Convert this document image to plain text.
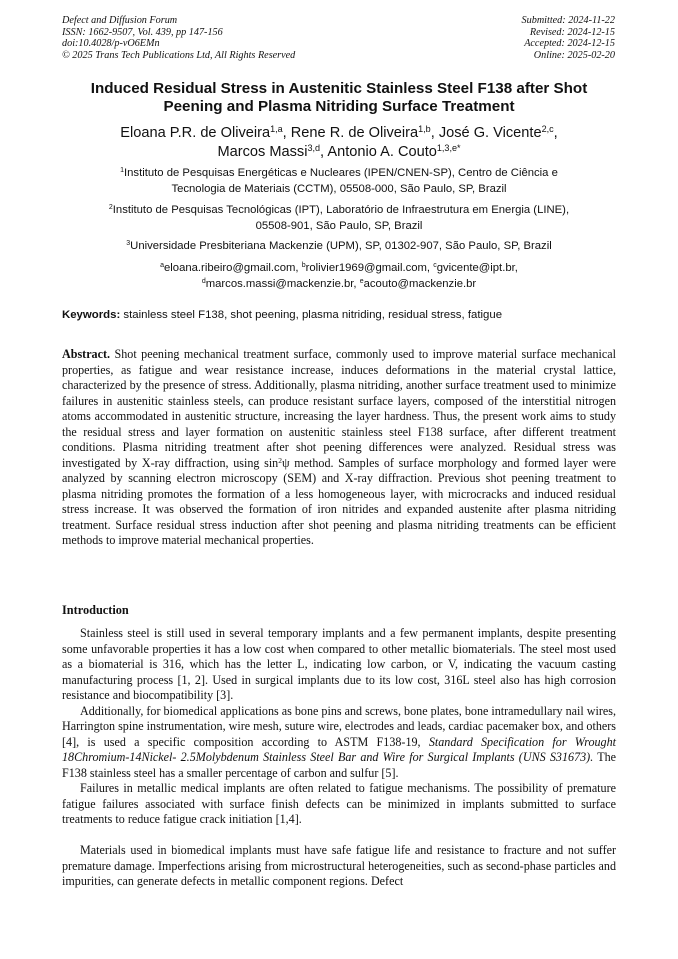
Defect and Diffusion Forum
ISSN: 1662-9507, Vol. 439, pp 147-156
doi:10.4028/p-vO6EMn
© 2025 Trans Tech Publications Ltd, All Rights Reserved
Submitted: 2024-11-22
Revised: 2024-12-15
Accepted: 2024-12-15
Online: 2025-02-20
Induced Residual Stress in Austenitic Stainless Steel F138 after Shot
Peening and Plasma Nitriding Surface Treatment
Eloana P.R. de Oliveira$^{1,a}$, Rene R. de Oliveira$^{1,b}$, José G. Vicente$^{2,c}$,
Marcos Massi$^{3,d}$, Antonio A. Couto$^{1,3,e*}$
$^1$Instituto de Pesquisas Energéticas e Nucleares (IPEN/CNEN-SP), Centro de Ciência e
Tecnologia de Materiais (CCTM), 05508-000, São Paulo, SP, Brazil
$^2$Instituto de Pesquisas Tecnológicas (IPT), Laboratório de Infraestrutura em Energia (LINE),
05508-901, São Paulo, SP, Brazil
$^3$Universidade Presbiteriana Mackenzie (UPM), SP, 01302-907, São Paulo, SP, Brazil
$^a$eloana.ribeiro@gmail.com, $^b$rolivier1969@gmail.com, $^c$gvicente@ipt.br,
$^d$marcos.massi@mackenzie.br, $^e$acouto@mackenzie.br
Keywords: stainless steel F138, shot peening, plasma nitriding, residual stress, fatigue

Abstract. Shot peening mechanical treatment surface, commonly used to improve material surface mechanical properties, as fatigue and wear resistance increase, induces deformations in the material crystal lattice, characterized by the presence of stress. Additionally, plasma nitriding, another surface treatment used to minimize failures in austenitic stainless steels, can produce resistant surface layers, composed of the interstitial nitrogen atoms accommodated in austenitic structure, increasing the layer hardness. Thus, the present work aims to study the residual stress and layer formation on austenitic stainless steel F138 surface, after different treatment conditions. Plasma nitriding treatment after shot peening differences were analyzed. Residual stress was investigated by X-ray diffraction, using $\sin^2\psi$ method. Samples of surface morphology and formed layer were analyzed by scanning electron microscopy (SEM) and X-ray diffraction. Previous shot peening treatment to plasma nitriding promotes the formation of a less homogeneous layer, with microcracks and induced residual stress increase. It was observed the formation of iron nitrides and expanded austenite after plasma nitriding treatment. Surface residual stress induction after shot peening and plasma nitriding treatments can be efficient methods to improve material mechanical properties.

Introduction

Stainless steel is still used in several temporary implants and a few permanent implants, despite presenting some unfavorable properties it has a low cost when compared to other metallic biomaterials. The steel most used as a biomaterial is 316, which has the letter L, indicating low carbon, or V, indicating the vacuum casting manufacturing process [1, 2]. Used in surgical implants due to its low cost, 316L steel also has high corrosion resistance and biocompatibility [3].

Additionally, for biomedical applications as bone pins and screws, bone plates, bone intramedullary nail wires, Harrington spine instrumentation, wire mesh, suture wire, electrodes and leads, cardiac pacemaker box, and others [4], is used a specific composition according to ASTM F138-19, Standard Specification for Wrought 18Chromium-14Nickel- 2.5Molybdenum Stainless Steel Bar and Wire for Surgical Implants (UNS S31673). The F138 stainless steel has a smaller percentage of carbon and sulfur [5].

Failures in metallic medical implants are often related to fatigue mechanisms. The possibility of premature fatigue failures associated with surface finish defects can be minimized in implants submitted to surface treatments to reduce fatigue crack initiation [1,4].

Materials used in biomedical implants must have safe fatigue life and resistance to fracture and not suffer premature damage. Imperfections arising from microstructural heterogeneities, such as second-phase particles and impurities, can generate defects in metallic component regions. Defect
